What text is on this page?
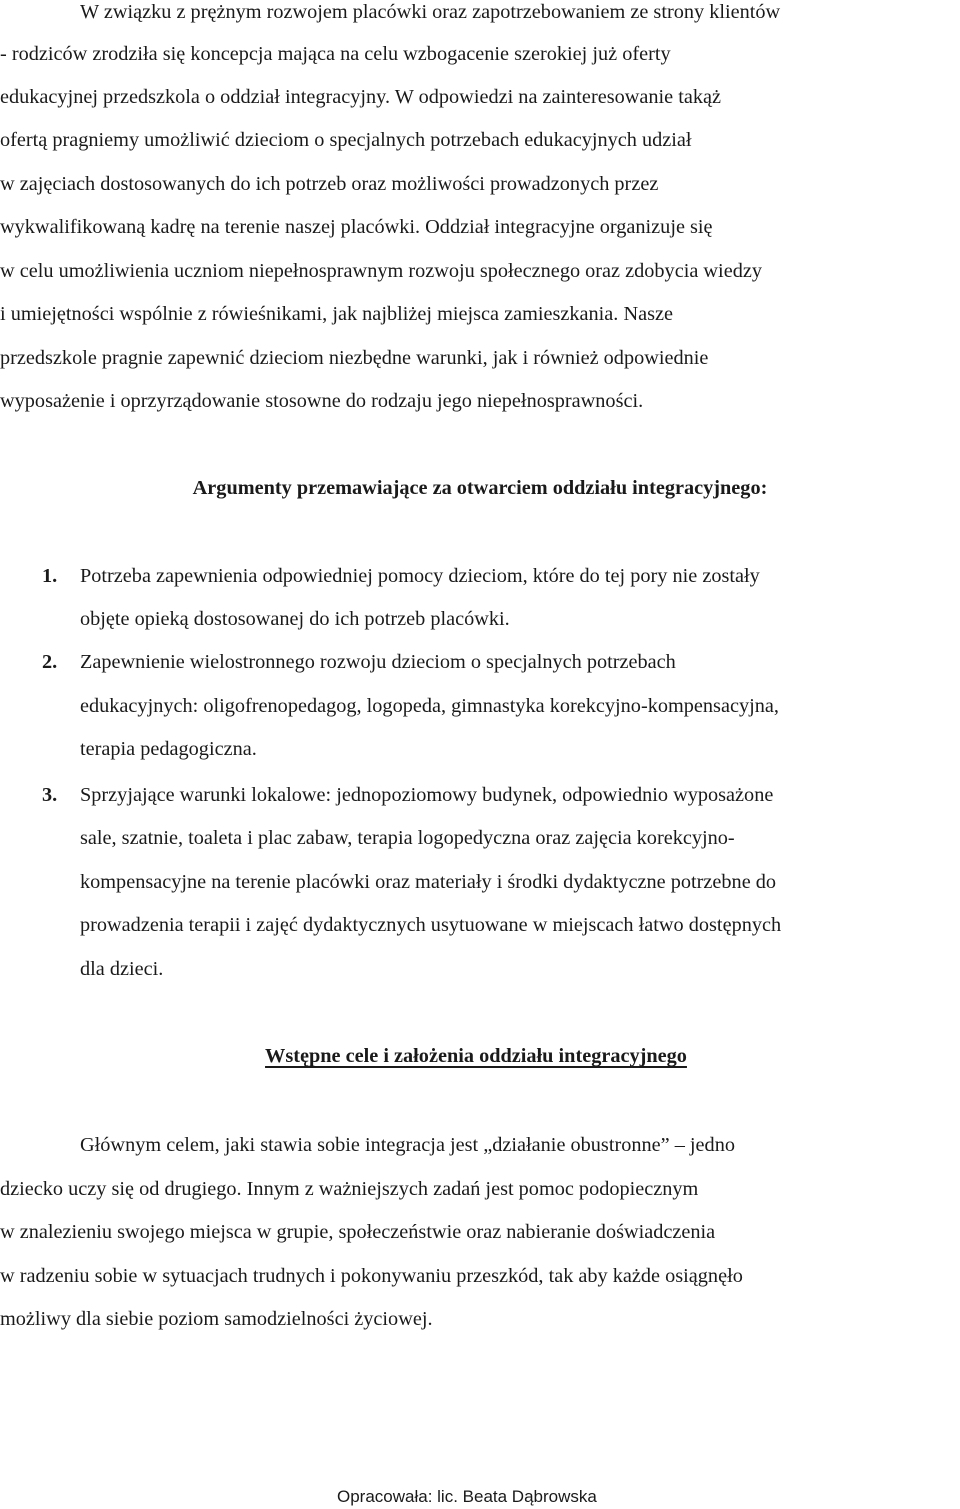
W związku z prężnym rozwojem placówki oraz zapotrzebowaniem ze strony klientów
- rodziców zrodziła się koncepcja mająca na celu wzbogacenie szerokiej już oferty
edukacyjnej przedszkola o oddział integracyjny. W odpowiedzi na zainteresowanie takąż
ofertą pragniemy umożliwić dzieciom o specjalnych potrzebach edukacyjnych udział
w zajęciach dostosowanych do ich potrzeb oraz możliwości prowadzonych przez
wykwalifikowaną kadrę na terenie naszej placówki. Oddział integracyjne organizuje się
w celu umożliwienia uczniom niepełnosprawnym rozwoju społecznego oraz zdobycia wiedzy
i umiejętności wspólnie z rówieśnikami, jak najbliżej miejsca zamieszkania. Nasze
przedszkole pragnie zapewnić dzieciom niezbędne warunki, jak i również odpowiednie
wyposażenie i oprzyrządowanie stosowne do rodzaju jego niepełnosprawności.
Argumenty przemawiające za otwarciem oddziału integracyjnego:
1. Potrzeba zapewnienia odpowiedniej pomocy dzieciom, które do tej pory nie zostały
objęte opieką dostosowanej do ich potrzeb placówki.
2. Zapewnienie wielostronnego rozwoju dzieciom o specjalnych potrzebach
edukacyjnych: oligofrenopedagog, logopeda, gimnastyka korekcyjno-kompensacyjna,
terapia pedagogiczna.
3. Sprzyjające warunki lokalowe: jednopoziomowy budynek, odpowiednio wyposażone
sale, szatnie, toaleta i plac zabaw, terapia logopedyczna oraz zajęcia korekcyjno-
kompensacyjne na terenie placówki oraz materiały i środki dydaktyczne potrzebne do
prowadzenia terapii i zajęć dydaktycznych usytuowane w miejscach łatwo dostępnych
dla dzieci.
Wstępne cele i założenia oddziału integracyjnego
Głównym celem, jaki stawia sobie integracja jest „działanie obustronne” – jedno
dziecko uczy się od drugiego. Innym z ważniejszych zadań jest pomoc podopiecznym
w znalezieniu swojego miejsca w grupie, społeczeństwie oraz nabieranie doświadczenia
w radzeniu sobie w sytuacjach trudnych i pokonywaniu przeszkód, tak aby każde osiągnęło
możliwy dla siebie poziom samodzielności życiowej.
Opracowała: lic. Beata Dąbrowska
